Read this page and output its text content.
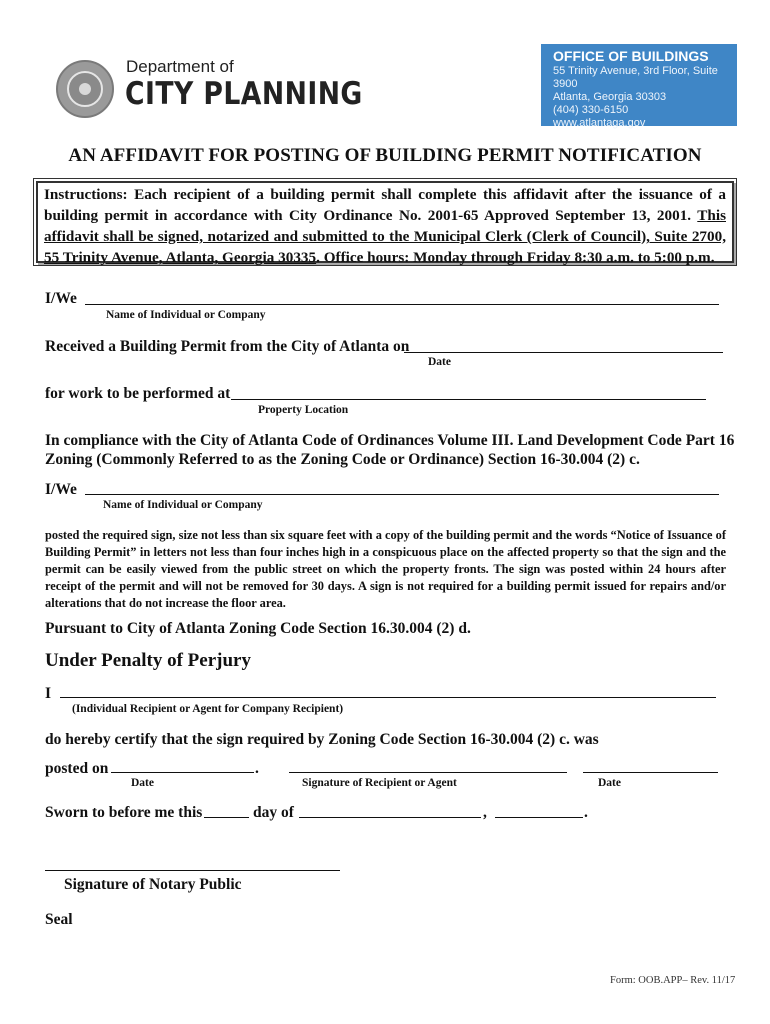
Department of
CITY PLANNING
OFFICE OF BUILDINGS
55 Trinity Avenue, 3rd Floor, Suite 3900
Atlanta, Georgia 30303
(404) 330-6150
www.atlantaga.gov
AN AFFIDAVIT FOR POSTING OF BUILDING PERMIT NOTIFICATION
Instructions: Each recipient of a building permit shall complete this affidavit after the issuance of a building permit in accordance with City Ordinance No. 2001-65 Approved September 13, 2001. This affidavit shall be signed, notarized and submitted to the Municipal Clerk (Clerk of Council), Suite 2700, 55 Trinity Avenue, Atlanta, Georgia 30335. Office hours: Monday through Friday 8:30 a.m. to 5:00 p.m.
I/We
Name of Individual or Company
Received a Building Permit from the City of Atlanta on
Date
for work to be performed at
Property Location
In compliance with the City of Atlanta Code of Ordinances Volume III. Land Development Code Part 16 Zoning (Commonly Referred to as the Zoning Code or Ordinance) Section 16-30.004 (2) c.
I/We
Name of Individual or Company
posted the required sign, size not less than six square feet with a copy of the building permit and the words “Notice of Issuance of Building Permit” in letters not less than four inches high in a conspicuous place on the affected property so that the sign and the permit can be easily viewed from the public street on which the property fronts. The sign was posted within 24 hours after receipt of the permit and will not be removed for 30 days. A sign is not required for a building permit issued for repairs and/or alterations that do not increase the floor area.
Pursuant to City of Atlanta Zoning Code Section 16.30.004 (2) d.
Under Penalty of Perjury
I
(Individual Recipient or Agent for Company Recipient)
do hereby certify that the sign required by Zoning Code Section 16-30.004 (2) c. was
posted on	.
Date	Signature of Recipient or Agent	Date
Sworn to before me this	day of	,	.
Signature of Notary Public
Seal
Form: OOB.APP– Rev. 11/17
